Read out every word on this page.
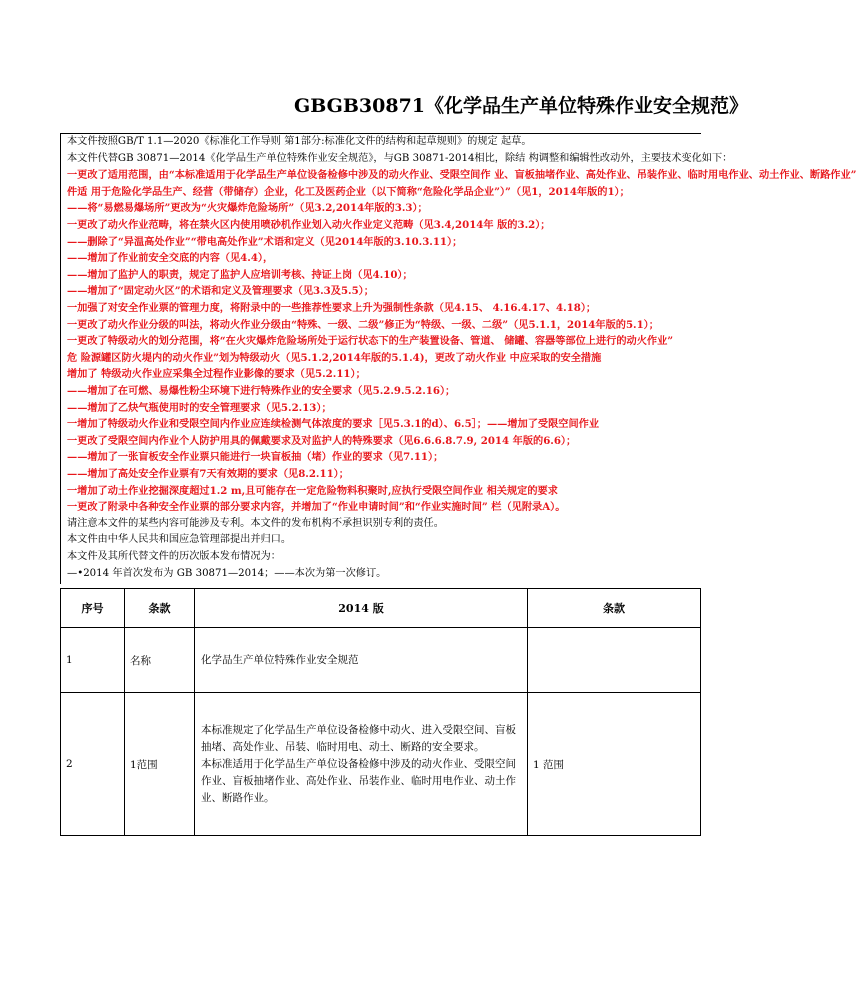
GBGB30871《化学品生产单位特殊作业安全规范》
本文件按照GB/T 1.1—2020《标准化工作导则 第1部分:标准化文件的结构和起草规则》的规定 起草。
本文件代替GB 30871—2014《化学品生产单位特殊作业安全规范》，与GB 30871-2014相比，除结 构调整和编辑性改动外，主要技术变化如下：
一更改了适用范围，由“本标准适用于化学品生产单位设备检修中涉及的动火作业、受限空间作 业、盲板抽堵作业、高处作业、吊装作业、临时用电作业、动土作业、断路作业”
件适 用于危险化学品生产、经营（带储存）企业，化工及医药企业（以下简称“危险化学品企业”）”（见1，2014年版的1）；
——将“易燃易爆场所”更改为“火灾爆炸危险场所”（见3.2,2014年版的3.3）；
一更改了动火作业范畴，将在禁火区内使用喷砂机作业划入动火作业定义范畴（见3.4,2014年 版的3.2）；
——删除了“异温高处作业”“带电高处作业”术语和定义（见2014年版的3.10.3.11）；
——增加了作业前安全交底的内容（见4.4），
——增加了监护人的职责，规定了监护人应培训考核、持证上岗（见4.10）；
——增加了“固定动火区”的术语和定义及管理要求（见3.3及5.5）；
一加强了对安全作业票的管理力度，将附录中的一些推荐性要求上升为强制性条款（见4.15、 4.16.4.17、4.18）；
一更改了动火作业分级的叫法，将动火作业分级由“特殊、一级、二级”修正为“特级、一级、二级”（见5.1.1，2014年版的5.1）；
一更改了特级动火的划分范围，将“在火灾爆炸危险场所处于运行状态下的生产装置设备、管道、 储罐、容器等部位上进行的动火作业”
危 险源罐区防火堤内的动火作业”划为特级动火（见5.1.2,2014年版的5.1.4)，更改了动火作业 中应采取的安全措施
增加了 特级动火作业应采集全过程作业影像的要求（见5.2.11）；
——增加了在可燃、易爆性粉尘环境下进行特殊作业的安全要求（见5.2.9.5.2.16）；
——增加了乙炔气瓶使用时的安全管理要求（见5.2.13）；
一增加了特级动火作业和受限空间内作业应连续检测气体浓度的要求［见5.3.1的d）、6.5］；——增加了受限空间作业
一更改了受限空间内作业个人防护用具的佩戴要求及对监护人的特殊要求（见6.6.6.8.7.9, 2014 年版的6.6）；
——增加了一张盲板安全作业票只能进行一块盲板抽（堵）作业的要求（见7.11）；
——增加了高处安全作业票有7天有效期的要求（见8.2.11）；
一增加了动土作业挖掘深度超过1.2 m,且可能存在一定危险物料积聚时,应执行受限空间作业 相关规定的要求
一更改了附录中各种安全作业票的部分要求内容，并增加了“作业申请时间”和“作业实施时间” 栏（见附录A）。
请注意本文件的某些内容可能涉及专利。本文件的发布机构不承担识别专利的责任。
本文件由中华人民共和国应急管理部提出并归口。
本文件及其所代替文件的历次版本发布情况为：
—•2014 年首次发布为 GB 30871—2014；——本次为第一次修订。
序号	条款	2014 版	条款
1	名称	化学品生产单位特殊作业安全规范	
2	1范围	本标准规定了化学品生产单位设备检修中动火、进入受限空间、盲板抽堵、高处作业、吊装、临时用电、动土、断路的安全要求。
本标准适用于化学品生产单位设备检修中涉及的动火作业、受限空间作业、盲板抽堵作业、高处作业、吊装作业、临时用电作业、动土作业、断路作业。	1 范围
